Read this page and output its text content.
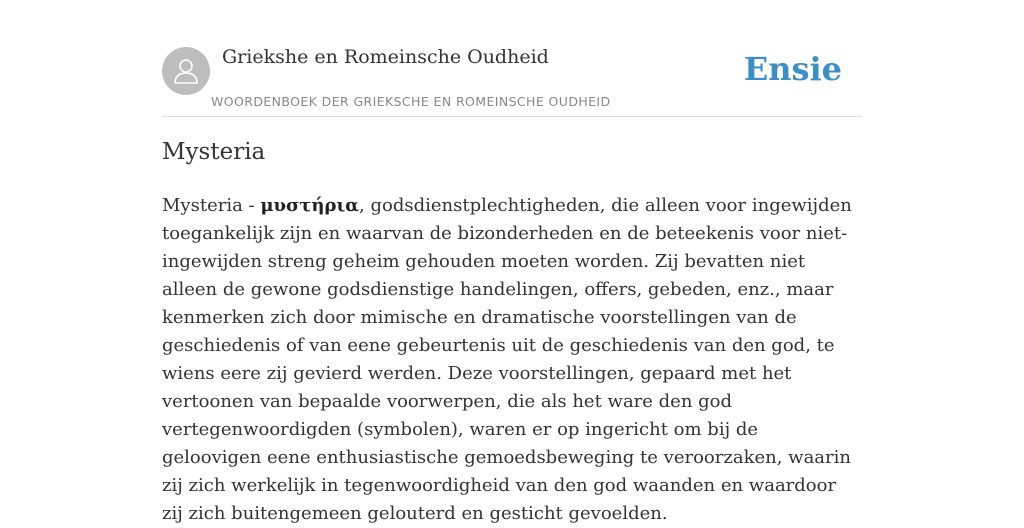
Griekshe en Romeinsche Oudheid
WOORDENBOEK DER GRIEKSCHE EN ROMEINSCHE OUDHEID
Ensie
Mysteria

Mysteria - μυστήρια, godsdienstplechtigheden, die alleen voor ingewijden toegankelijk zijn en waarvan de bizonderheden en de beteekenis voor niet-ingewijden streng geheim gehouden moeten worden. Zij bevatten niet alleen de gewone godsdienstige handelingen, offers, gebeden, enz., maar kenmerken zich door mimische en dramatische voorstellingen van de geschiedenis of van eene gebeurtenis uit de geschiedenis van den god, te wiens eere zij gevierd werden. Deze voorstellingen, gepaard met het vertoonen van bepaalde voorwerpen, die als het ware den god vertegenwoordigden (symbolen), waren er op ingericht om bij de geloovigen eene enthusiastische gemoedsbeweging te veroorzaken, waarin zij zich werkelijk in tegenwoordigheid van den god waanden en waardoor zij zich buitengemeen gelouterd en gesticht gevoelden.
